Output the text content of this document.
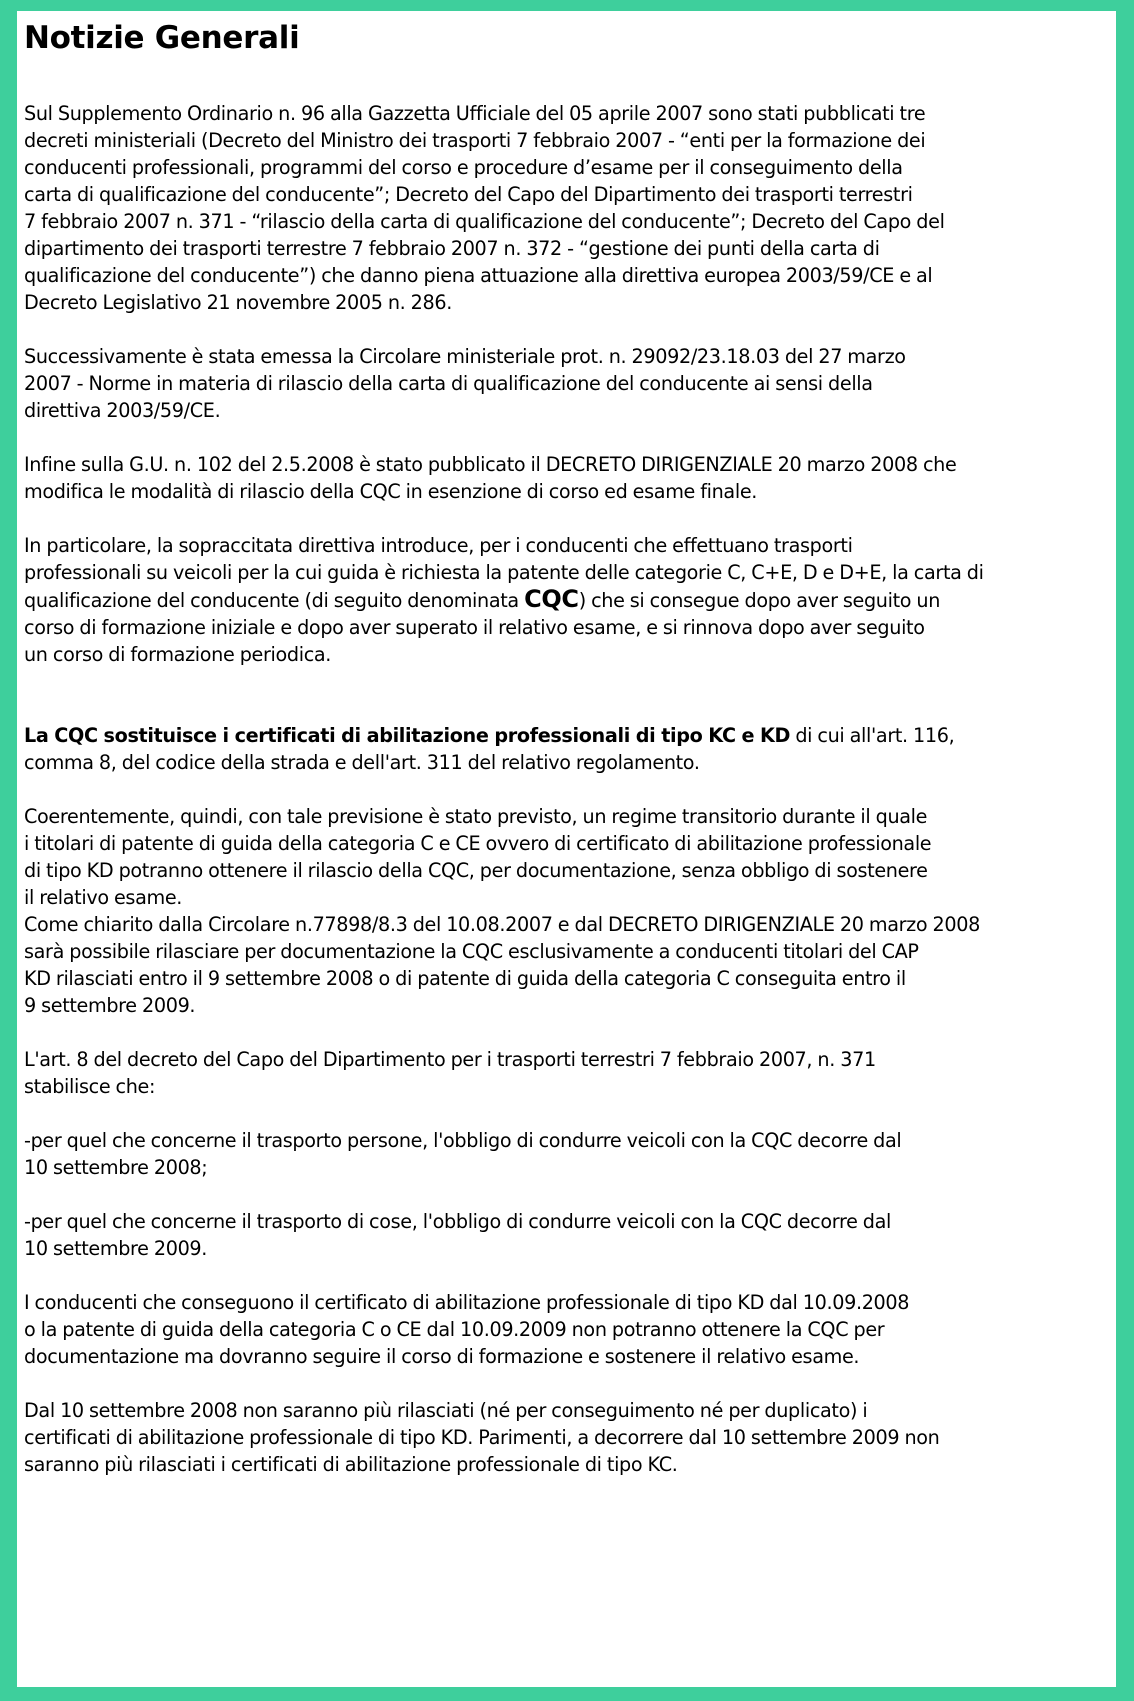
Notizie Generali

Sul Supplemento Ordinario n. 96 alla Gazzetta Ufficiale del 05 aprile 2007 sono stati pubblicati tre
decreti ministeriali (Decreto del Ministro dei trasporti 7 febbraio 2007 - “enti per la formazione dei
conducenti professionali, programmi del corso e procedure d’esame per il conseguimento della
carta di qualificazione del conducente”; Decreto del Capo del Dipartimento dei trasporti terrestri
7 febbraio 2007 n. 371 - “rilascio della carta di qualificazione del conducente”; Decreto del Capo del
dipartimento dei trasporti terrestre 7 febbraio 2007 n. 372 - “gestione dei punti della carta di
qualificazione del conducente”) che danno piena attuazione alla direttiva europea 2003/59/CE e al
Decreto Legislativo 21 novembre 2005 n. 286.

Successivamente è stata emessa la Circolare ministeriale prot. n. 29092/23.18.03 del 27 marzo
2007 - Norme in materia di rilascio della carta di qualificazione del conducente ai sensi della
direttiva 2003/59/CE.

Infine sulla G.U. n. 102 del 2.5.2008 è stato pubblicato il DECRETO DIRIGENZIALE 20 marzo 2008 che
modifica le modalità di rilascio della CQC in esenzione di corso ed esame finale.

In particolare, la sopraccitata direttiva introduce, per i conducenti che effettuano trasporti
professionali su veicoli per la cui guida è richiesta la patente delle categorie C, C+E, D e D+E, la carta di
qualificazione del conducente (di seguito denominata CQC) che si consegue dopo aver seguito un
corso di formazione iniziale e dopo aver superato il relativo esame, e si rinnova dopo aver seguito
un corso di formazione periodica.

La CQC sostituisce i certificati di abilitazione professionali di tipo KC e KD di cui all'art. 116,
comma 8, del codice della strada e dell'art. 311 del relativo regolamento.

Coerentemente, quindi, con tale previsione è stato previsto, un regime transitorio durante il quale
i titolari di patente di guida della categoria C e CE ovvero di certificato di abilitazione professionale
di tipo KD potranno ottenere il rilascio della CQC, per documentazione, senza obbligo di sostenere
il relativo esame.
Come chiarito dalla Circolare n.77898/8.3 del 10.08.2007 e dal DECRETO DIRIGENZIALE 20 marzo 2008
sarà possibile rilasciare per documentazione la CQC esclusivamente a conducenti titolari del CAP
KD rilasciati entro il 9 settembre 2008 o di patente di guida della categoria C conseguita entro il
9 settembre 2009.

L'art. 8 del decreto del Capo del Dipartimento per i trasporti terrestri 7 febbraio 2007, n. 371
stabilisce che:

-per quel che concerne il trasporto persone, l'obbligo di condurre veicoli con la CQC decorre dal
10 settembre 2008;

-per quel che concerne il trasporto di cose, l'obbligo di condurre veicoli con la CQC decorre dal
10 settembre 2009.

I conducenti che conseguono il certificato di abilitazione professionale di tipo KD dal 10.09.2008
o la patente di guida della categoria C o CE dal 10.09.2009 non potranno ottenere la CQC per
documentazione ma dovranno seguire il corso di formazione e sostenere il relativo esame.

Dal 10 settembre 2008 non saranno più rilasciati (né per conseguimento né per duplicato) i
certificati di abilitazione professionale di tipo KD. Parimenti, a decorrere dal 10 settembre 2009 non
saranno più rilasciati i certificati di abilitazione professionale di tipo KC.
